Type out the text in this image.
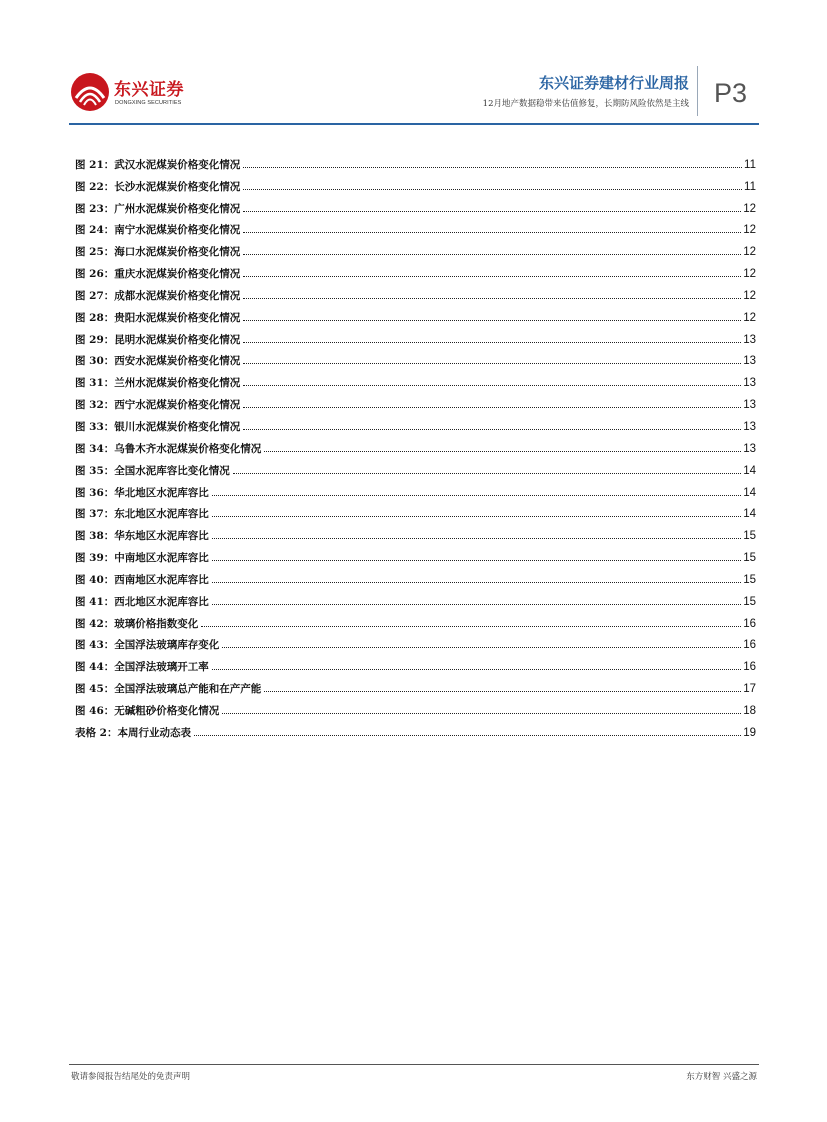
东兴证券
DONGXING SECURITIES
东兴证券建材行业周报
12月地产数据稳带来估值修复，长期防风险依然是主线 P3
图 21：武汉水泥煤炭价格变化情况	11
图 22：长沙水泥煤炭价格变化情况	11
图 23：广州水泥煤炭价格变化情况	12
图 24：南宁水泥煤炭价格变化情况	12
图 25：海口水泥煤炭价格变化情况	12
图 26：重庆水泥煤炭价格变化情况	12
图 27：成都水泥煤炭价格变化情况	12
图 28：贵阳水泥煤炭价格变化情况	12
图 29：昆明水泥煤炭价格变化情况	13
图 30：西安水泥煤炭价格变化情况	13
图 31：兰州水泥煤炭价格变化情况	13
图 32：西宁水泥煤炭价格变化情况	13
图 33：银川水泥煤炭价格变化情况	13
图 34：乌鲁木齐水泥煤炭价格变化情况	13
图 35：全国水泥库容比变化情况	14
图 36：华北地区水泥库容比	14
图 37：东北地区水泥库容比	14
图 38：华东地区水泥库容比	15
图 39：中南地区水泥库容比	15
图 40：西南地区水泥库容比	15
图 41：西北地区水泥库容比	15
图 42：玻璃价格指数变化	16
图 43：全国浮法玻璃库存变化	16
图 44：全国浮法玻璃开工率	16
图 45：全国浮法玻璃总产能和在产产能	17
图 46：无碱粗砂价格变化情况	18
表格 2：本周行业动态表	19
敬请参阅报告结尾处的免责声明	东方财智 兴盛之源
